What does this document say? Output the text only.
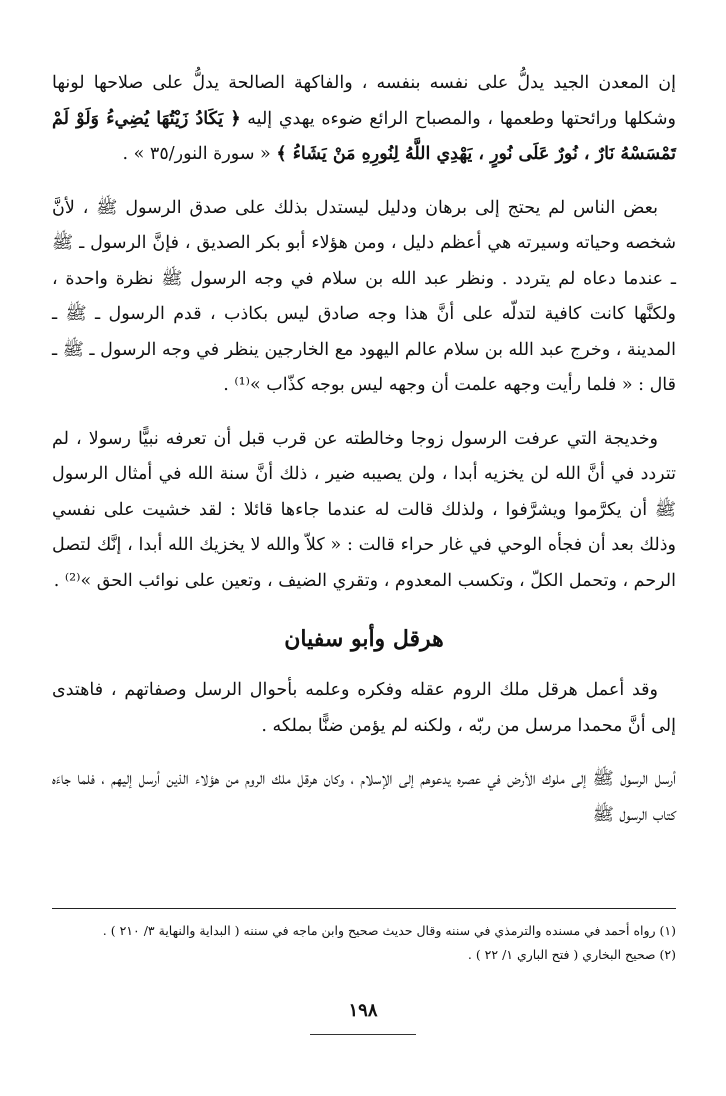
إن المعدن الجيد يدلُّ على نفسه بنفسه ، والفاكهة الصالحة يدلُّ على صلاحها لونها وشكلها ورائحتها وطعمها ، والمصباح الرائع ضوءه يهدي إليه ﴿ يَكَادُ زَيْتُهَا يُضِيءُ وَلَوْ لَمْ تَمْسَسْهُ نَارٌ ، نُورٌ عَلَى نُورٍ ، يَهْدِي اللَّهُ لِنُورِهِ مَنْ يَشَاءُ ﴾ « سورة النور/٣٥ » .

بعض الناس لم يحتج إلى برهان ودليل ليستدل بذلك على صدق الرسول ﷺ ، لأنَّ شخصه وحياته وسيرته هي أعظم دليل ، ومن هؤلاء أبو بكر الصديق ، فإنَّ الرسول ـ ﷺ ـ عندما دعاه لم يتردد . ونظر عبد الله بن سلام في وجه الرسول ﷺ نظرة واحدة ، ولكنَّها كانت كافية لتدلّه على أنَّ هذا وجه صادق ليس بكاذب ، قدم الرسول ـ ﷺ ـ المدينة ، وخرج عبد الله بن سلام عالم اليهود مع الخارجين ينظر في وجه الرسول ـ ﷺ ـ قال : « فلما رأيت وجهه علمت أن وجهه ليس بوجه كذّاب »⁽¹⁾ .

وخديجة التي عرفت الرسول زوجا وخالطته عن قرب قبل أن تعرفه نبيًّا رسولا ، لم تتردد في أنَّ الله لن يخزيه أبدا ، ولن يصيبه ضير ، ذلك أنَّ سنة الله في أمثال الرسول ﷺ أن يكرَّموا ويشرَّفوا ، ولذلك قالت له عندما جاءها قائلا : لقد خشيت على نفسي وذلك بعد أن فجأه الوحي في غار حراء قالت : « كلاّ والله لا يخزيك الله أبدا ، إنَّك لتصل الرحم ، وتحمل الكلّ ، وتكسب المعدوم ، وتقري الضيف ، وتعين على نوائب الحق »⁽²⁾ .

هرقل وأبو سفيان

وقد أعمل هرقل ملك الروم عقله وفكره وعلمه بأحوال الرسل وصفاتهم ، فاهتدى إلى أنَّ محمدا مرسل من ربّه ، ولكنه لم يؤمن ضنًّا بملكه .

أرسل الرسول ﷺ إلى ملوك الأرض في عصره يدعوهم إلى الإسلام ، وكان هرقل ملك الروم من هؤلاء الذين أرسل إليهم ، فلما جاءَه كتاب الرسول ﷺ

(١) رواه أحمد في مسنده والترمذي في سننه وقال حديث صحيح وابن ماجه في سننه ( البداية والنهاية ٣/ ٢١٠ ) .

(٢) صحيح البخاري ( فتح الباري ١/ ٢٢ ) .

١٩٨
